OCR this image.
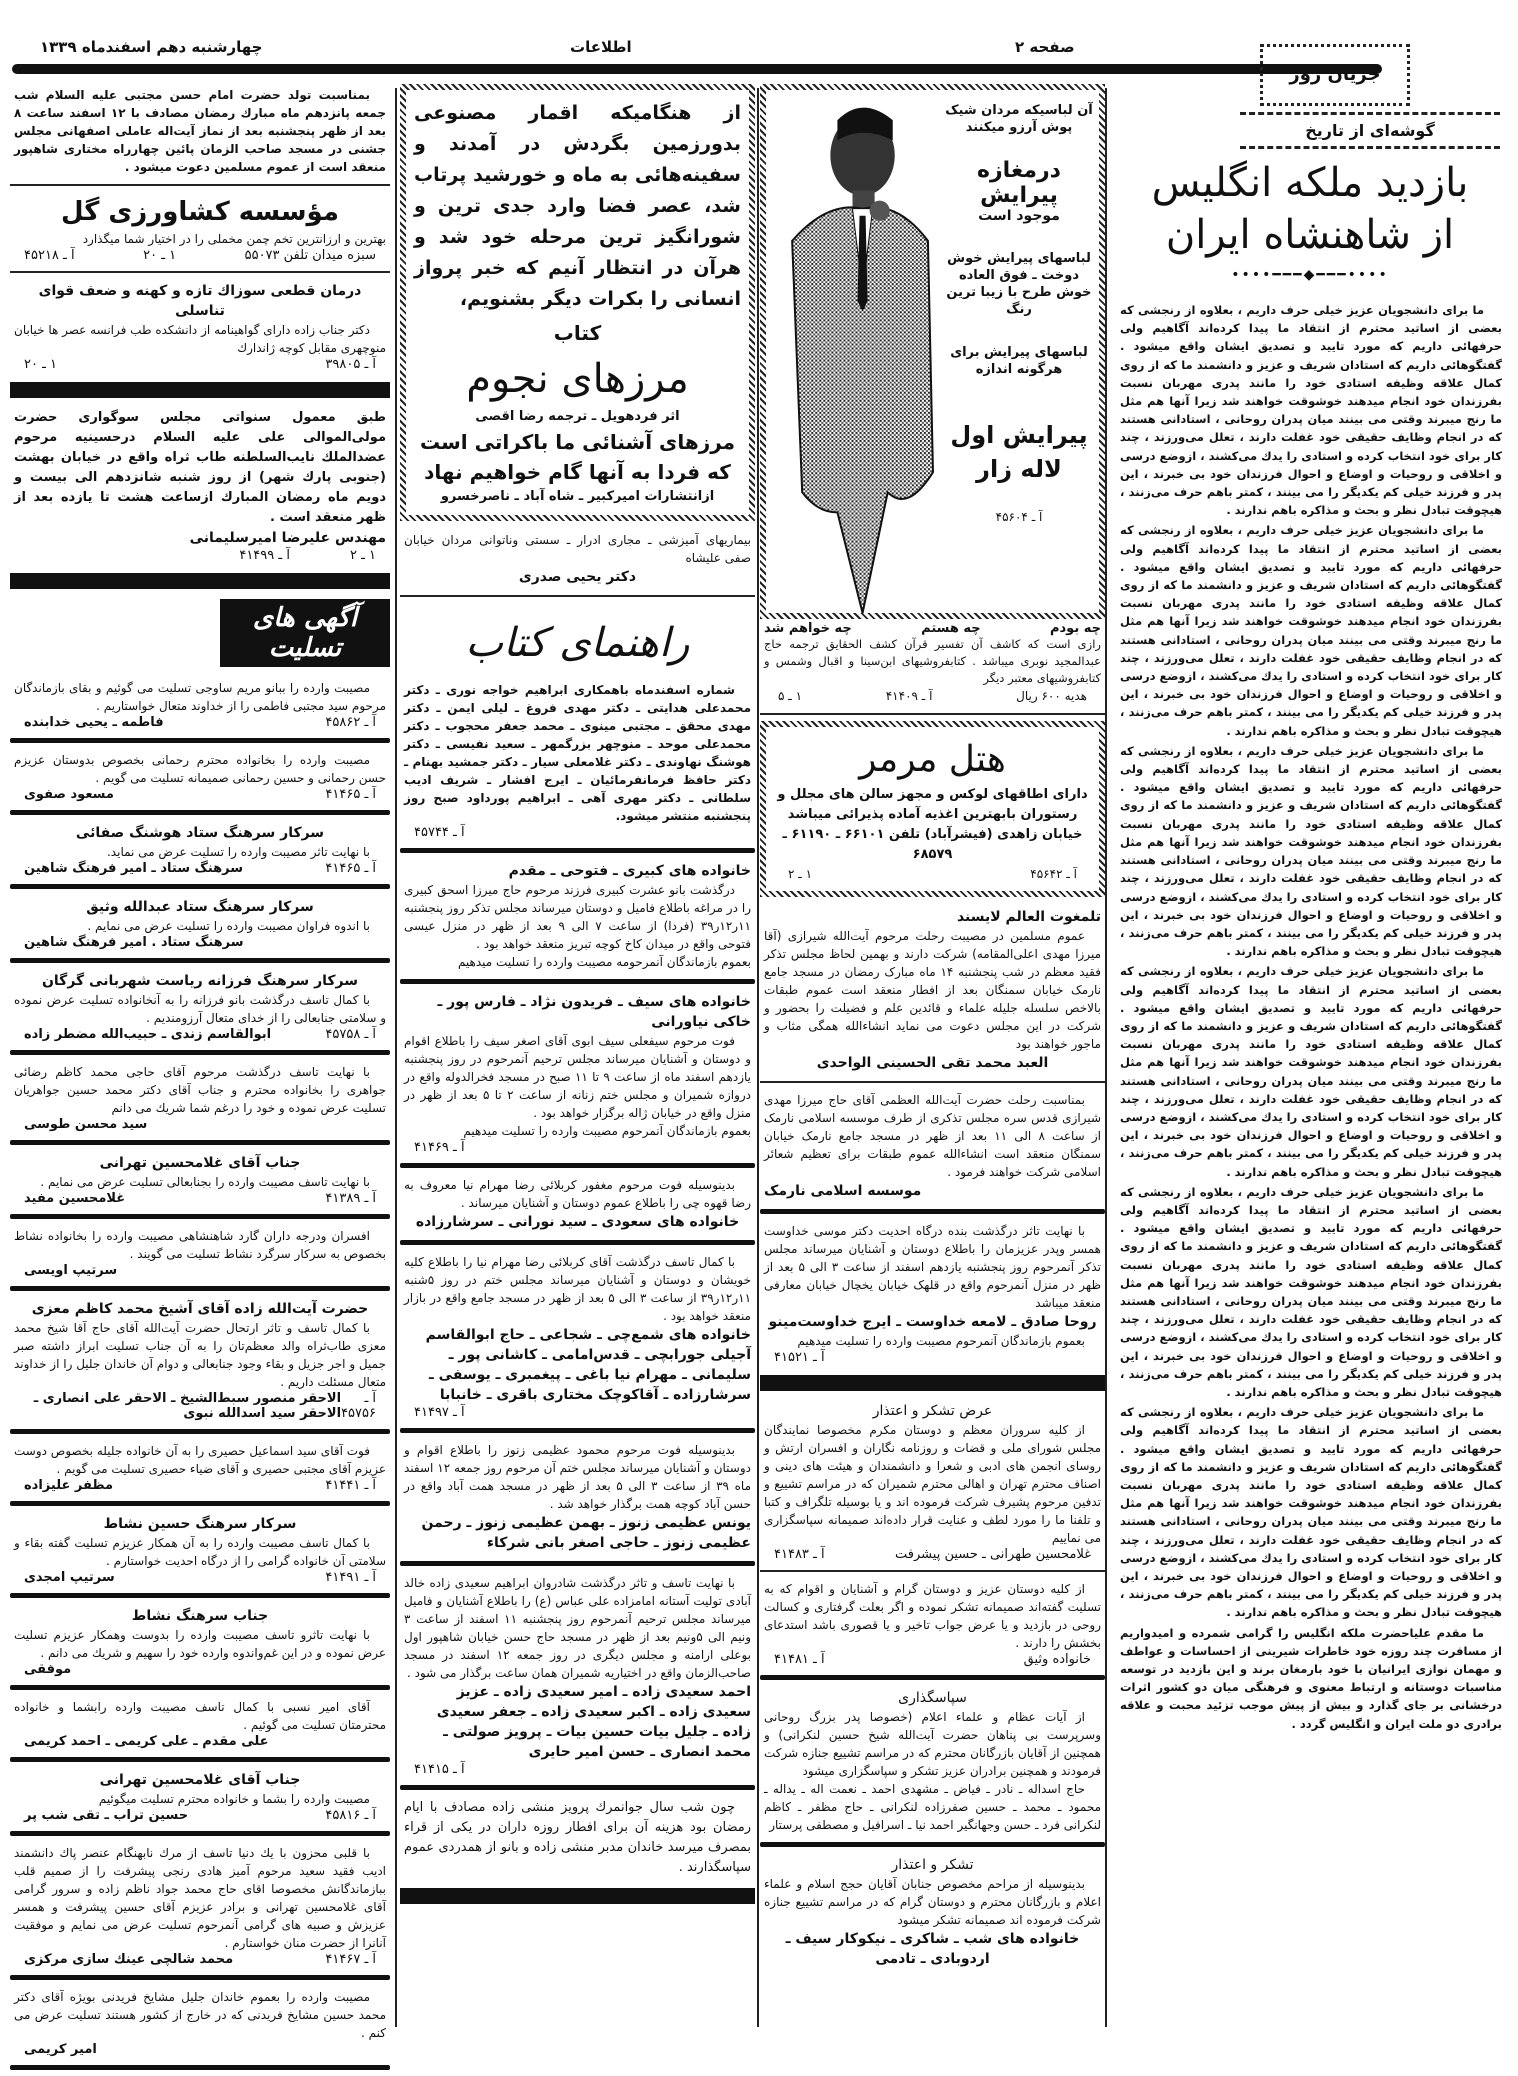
چهارشنبه دهم اسفندماه ۱۳۳۹	اطلاعات	صفحه ۲
جریان روز
گوشه‌ای از تاریخ
بازدید ملکه انگلیس
از شاهنشاه ایران
••••━━━◆━━━••••

ما برای دانشجویان عزیز خیلی حرف داریم ، بعلاوه از رنجشی که بعضی از اساتید محترم از انتقاد ما پیدا کرده‌اند آگاهیم ولی حرفهائی داریم که مورد تایید و تصدیق ایشان واقع میشود . گفتگوهائی داریم که استادان شریف و عزیز و دانشمند ما که از روی کمال علاقه وظیفه استادی خود را مانند پدری مهربان نسبت بفرزندان خود انجام میدهند خوشوقت خواهند شد زیرا آنها هم مثل ما رنج میبرند وقتی می بینند میان پدران روحانی ، استادانی هستند که در انجام وظایف حقیقی خود غفلت دارند ، تعلل می‌ورزند ، چند کار برای خود انتخاب کرده و استادی را یدك می‌کشند ، ازوضع درسی و اخلاقی و روحیات و اوضاع و احوال فرزندان خود بی خبرند ، این پدر و فرزند خیلی کم یکدیگر را می بینند ، کمتر باهم حرف می‌زنند ، هیچوقت تبادل نظر و بحث و مذاکره باهم ندارند .

ما برای دانشجویان عزیز خیلی حرف داریم ، بعلاوه از رنجشی که بعضی از اساتید محترم از انتقاد ما پیدا کرده‌اند آگاهیم ولی حرفهائی داریم که مورد تایید و تصدیق ایشان واقع میشود . گفتگوهائی داریم که استادان شریف و عزیز و دانشمند ما که از روی کمال علاقه وظیفه استادی خود را مانند پدری مهربان نسبت بفرزندان خود انجام میدهند خوشوقت خواهند شد زیرا آنها هم مثل ما رنج میبرند وقتی می بینند میان پدران روحانی ، استادانی هستند که در انجام وظایف حقیقی خود غفلت دارند ، تعلل می‌ورزند ، چند کار برای خود انتخاب کرده و استادی را یدك می‌کشند ، ازوضع درسی و اخلاقی و روحیات و اوضاع و احوال فرزندان خود بی خبرند ، این پدر و فرزند خیلی کم یکدیگر را می بینند ، کمتر باهم حرف می‌زنند ، هیچوقت تبادل نظر و بحث و مذاکره باهم ندارند .

ما برای دانشجویان عزیز خیلی حرف داریم ، بعلاوه از رنجشی که بعضی از اساتید محترم از انتقاد ما پیدا کرده‌اند آگاهیم ولی حرفهائی داریم که مورد تایید و تصدیق ایشان واقع میشود . گفتگوهائی داریم که استادان شریف و عزیز و دانشمند ما که از روی کمال علاقه وظیفه استادی خود را مانند پدری مهربان نسبت بفرزندان خود انجام میدهند خوشوقت خواهند شد زیرا آنها هم مثل ما رنج میبرند وقتی می بینند میان پدران روحانی ، استادانی هستند که در انجام وظایف حقیقی خود غفلت دارند ، تعلل می‌ورزند ، چند کار برای خود انتخاب کرده و استادی را یدك می‌کشند ، ازوضع درسی و اخلاقی و روحیات و اوضاع و احوال فرزندان خود بی خبرند ، این پدر و فرزند خیلی کم یکدیگر را می بینند ، کمتر باهم حرف می‌زنند ، هیچوقت تبادل نظر و بحث و مذاکره باهم ندارند .

ما برای دانشجویان عزیز خیلی حرف داریم ، بعلاوه از رنجشی که بعضی از اساتید محترم از انتقاد ما پیدا کرده‌اند آگاهیم ولی حرفهائی داریم که مورد تایید و تصدیق ایشان واقع میشود . گفتگوهائی داریم که استادان شریف و عزیز و دانشمند ما که از روی کمال علاقه وظیفه استادی خود را مانند پدری مهربان نسبت بفرزندان خود انجام میدهند خوشوقت خواهند شد زیرا آنها هم مثل ما رنج میبرند وقتی می بینند میان پدران روحانی ، استادانی هستند که در انجام وظایف حقیقی خود غفلت دارند ، تعلل می‌ورزند ، چند کار برای خود انتخاب کرده و استادی را یدك می‌کشند ، ازوضع درسی و اخلاقی و روحیات و اوضاع و احوال فرزندان خود بی خبرند ، این پدر و فرزند خیلی کم یکدیگر را می بینند ، کمتر باهم حرف می‌زنند ، هیچوقت تبادل نظر و بحث و مذاکره باهم ندارند .

ما برای دانشجویان عزیز خیلی حرف داریم ، بعلاوه از رنجشی که بعضی از اساتید محترم از انتقاد ما پیدا کرده‌اند آگاهیم ولی حرفهائی داریم که مورد تایید و تصدیق ایشان واقع میشود . گفتگوهائی داریم که استادان شریف و عزیز و دانشمند ما که از روی کمال علاقه وظیفه استادی خود را مانند پدری مهربان نسبت بفرزندان خود انجام میدهند خوشوقت خواهند شد زیرا آنها هم مثل ما رنج میبرند وقتی می بینند میان پدران روحانی ، استادانی هستند که در انجام وظایف حقیقی خود غفلت دارند ، تعلل می‌ورزند ، چند کار برای خود انتخاب کرده و استادی را یدك می‌کشند ، ازوضع درسی و اخلاقی و روحیات و اوضاع و احوال فرزندان خود بی خبرند ، این پدر و فرزند خیلی کم یکدیگر را می بینند ، کمتر باهم حرف می‌زنند ، هیچوقت تبادل نظر و بحث و مذاکره باهم ندارند .

ما برای دانشجویان عزیز خیلی حرف داریم ، بعلاوه از رنجشی که بعضی از اساتید محترم از انتقاد ما پیدا کرده‌اند آگاهیم ولی حرفهائی داریم که مورد تایید و تصدیق ایشان واقع میشود . گفتگوهائی داریم که استادان شریف و عزیز و دانشمند ما که از روی کمال علاقه وظیفه استادی خود را مانند پدری مهربان نسبت بفرزندان خود انجام میدهند خوشوقت خواهند شد زیرا آنها هم مثل ما رنج میبرند وقتی می بینند میان پدران روحانی ، استادانی هستند که در انجام وظایف حقیقی خود غفلت دارند ، تعلل می‌ورزند ، چند کار برای خود انتخاب کرده و استادی را یدك می‌کشند ، ازوضع درسی و اخلاقی و روحیات و اوضاع و احوال فرزندان خود بی خبرند ، این پدر و فرزند خیلی کم یکدیگر را می بینند ، کمتر باهم حرف می‌زنند ، هیچوقت تبادل نظر و بحث و مذاکره باهم ندارند .

ما مقدم علیاحضرت ملکه انگلیس را گرامی شمرده و امیدواریم از مسافرت چند روزه خود خاطرات شیرینی از احساسات و عواطف و مهمان نوازی ایرانیان با خود بارمغان برند و این بازدید در توسعه مناسبات دوستانه و ارتباط معنوی و فرهنگی میان دو کشور اثرات درخشانی بر جای گذارد و بیش از پیش موجب تزئید محبت و علاقه برادری دو ملت ایران و انگلیس گردد .

آن لباسیکه مردان شیک پوش آرزو میکنند
درمغازه پیرایش
موجود است
لباسهای پیرایش خوش دوخت ـ فوق العاده خوش طرح با زیبا ترین رنگ
لباسهای پیرایش برای هرگونه اندازه
پیرایش اول
لاله زار
آ ـ ۴۵۶۰۴
چه بودم
چه هستم
چه خواهم شد
رازی است که کاشف آن تفسیر قرآن کشف الحقایق ترجمه حاج عبدالمجید نوبری میباشد . کتابفروشیهای ابن‌سینا و اقبال وشمس و کتابفروشیهای معتبر دیگر
هدیه ۶۰۰ ریال
آ ـ ۴۱۴۰۹
۱ ـ ۵
هتل مرمر
دارای اطاقهای لوکس و مجهز سالن های مجلل و رستوران بابهترین اغذیه آماده پذیرائی میباشد
خیابان زاهدی (فیشرآباد) تلفن ۶۶۱۰۱ ـ ۶۱۱۹۰ ـ ۶۸۵۷۹
آ ـ ۴۵۶۴۲
۱ ـ ۲
تلمغوت العالم لایسند
عموم مسلمین در مصیبت رحلت مرحوم آیت‌الله شیرازی (آقا میرزا مهدی اعلی‌المقامه) شرکت دارند و بهمین لحاظ مجلس تذکر فقید معظم در شب پنجشنبه ۱۴ ماه مبارک رمضان در مسجد جامع نارمک خیابان سمنگان بعد از افطار منعقد است عموم طبقات بالاخص سلسله جلیله علماء و قائدین علم و فضیلت را بحضور و شرکت در این مجلس دعوت می نماید انشاءالله همگی مثاب و ماجور خواهند بود
العبد محمد تقی الحسینی الواحدی
بمناسبت رحلت حضرت آیت‌الله العظمی آقای حاج میرزا مهدی شیرازی قدس سره مجلس تذکری از طرف موسسه اسلامی نارمک از ساعت ۸ الی ۱۱ بعد از ظهر در مسجد جامع نارمک خیابان سمنگان منعقد است انشاءالله عموم طبقات برای تعظیم شعائر اسلامی شرکت خواهند فرمود .
موسسه اسلامی نارمک
با نهایت تاثر درگذشت بنده درگاه احدیت دکتر موسی خداوست همسر وپدر عزیزمان را باطلاع دوستان و آشنایان میرساند مجلس تذکر آنمرحوم روز پنجشنبه یازدهم اسفند از ساعت ۳ الی ۵ بعد از ظهر در منزل آنمرحوم واقع در قلهک خیابان یخچال خیابان معارفی منعقد میباشد
روحا صادق ـ لامعه خداوست ـ ایرج خداوست‌مینو
بعموم بازماندگان آنمرحوم مصیبت وارده را تسلیت میدهیم
آ ـ ۴۱۵۲۱
عرض تشکر و اعتذار
از کلیه سروران معظم و دوستان مکرم مخصوصا نمایندگان مجلس شورای ملی و قضات و روزنامه نگاران و افسران ارتش و روسای انجمن های ادبی و شعرا و دانشمندان و هیئت های دینی و اصناف محترم تهران و اهالی محترم شمیران که در مراسم تشییع و تدفین مرحوم پشیرف شرکت فرموده اند و یا بوسیله تلگراف و کتبا و تلفنا ما را مورد لطف و عنایت قرار داده‌اند صمیمانه سپاسگزاری می نماییم
غلامحسین طهرانی ـ حسین پیشرفت
آ ـ ۴۱۴۸۳
از کلیه دوستان عزیز و دوستان گرام و آشنایان و اقوام که به تسلیت گفته‌اند صمیمانه تشکر نموده و اگر بعلت گرفتاری و کسالت روحی در بازدید و یا عرض جواب تاخیر و یا قصوری باشد استدعای بخشش را دارند .
خانواده وثیق
آ ـ ۴۱۴۸۱
سپاسگذاری
از آیات عظام و علماء اعلام (خصوصا پدر بزرگ روحانی وسرپرست بی پناهان حضرت آیت‌الله شیخ حسین لنکرانی) و همچنین از آقایان بازرگانان محترم که در مراسم تشییع جنازه شرکت فرمودند و همچنین برادران عزیز تشکر و سپاسگزاری میشود
حاج اسداله ـ نادر ـ فیاض ـ مشهدی احمد ـ نعمت اله ـ یداله ـ محمود ـ محمد ـ حسین صفرزاده لنکرانی ـ حاج مظفر ـ کاظم لنکرانی فرد ـ حسن وجهانگیر احمد نیا ـ اسرافیل و مصطفی پرستار
تشکر و اعتذار
بدینوسیله از مراحم مخصوص جنابان آقایان حجج اسلام و علماء اعلام و بازرگانان محترم و دوستان گرام که در مراسم تشییع جنازه شرکت فرموده اند صمیمانه تشکر میشود
خانواده های شب ـ شاکری ـ نیکوکار سیف ـ اردوبادی ـ تادمی
از هنگامیکه اقمار مصنوعی بدورزمین بگردش در آمدند و سفینه‌هائی به ماه و خورشید پرتاب شد، عصر فضا وارد جدی ترین و شورانگیز ترین مرحله خود شد و هرآن در انتظار آنیم که خبر پرواز انسانی را بکرات دیگر بشنویم،
کتاب
مرزهای نجوم
اثر فردهویل ـ ترجمه رضا اقصی
مرزهای آشنائی ما باکراتی است که فردا به آنها گام خواهیم نهاد
ازانتشارات امیرکبیر ـ شاه آباد ـ ناصرخسرو
بیماریهای آمیزشی ـ مجاری ادرار ـ سستی وناتوانی مردان خیابان صفی علیشاه
دکتر یحیی صدری
راهنمای کتاب
شماره اسفندماه باهمکاری ابراهیم خواجه نوری ـ دکتر محمدعلی هدایتی ـ دکتر مهدی فروغ ـ لیلی ایمن ـ دکتر مهدی محقق ـ مجتبی مینوی ـ محمد جعفر محجوب ـ دکتر محمدعلی موحد ـ منوچهر بزرگمهر ـ سعید نفیسی ـ دکتر هوشنگ نهاوندی ـ دکتر غلامعلی سیار ـ دکتر جمشید بهنام ـ دکتر حافظ فرمانفرمائیان ـ ایرج افشار ـ شریف ادیب سلطانی ـ دکتر مهری آهی ـ ابراهیم پورداود صبح روز پنجشنبه منتشر میشود.
آ ـ ۴۵۷۴۴
خانواده های کبیری ـ فتوحی ـ مقدم
درگذشت بانو عشرت کبیری فرزند مرحوم حاج میرزا اسحق کبیری را در مراغه باطلاع فامیل و دوستان میرساند مجلس تذکر روز پنجشنبه ۱۱ر۱۲ر۳۹ (فردا) از ساعت ۷ الی ۹ بعد از ظهر در منزل عیسی فتوحی واقع در میدان کاخ کوچه تبریز منعقد خواهد بود .
بعموم بازماندگان آنمرحومه مصیبت وارده را تسلیت میدهیم
خانواده های سیف ـ فریدون نژاد ـ فارس پور ـ خاکی نیاورانی
فوت مرحوم سیفعلی سیف ابوی آقای اصغر سیف را باطلاع اقوام و دوستان و آشنایان میرساند مجلس ترحیم آنمرحوم در روز پنجشنبه یازدهم اسفند ماه از ساعت ۹ تا ۱۱ صبح در مسجد فخرالدوله واقع در دروازه شمیران و مجلس ختم زنانه از ساعت ۲ تا ۵ بعد از ظهر در منزل واقع در خیابان ژاله برگزار خواهد بود .
بعموم بازماندگان آنمرحوم مصیبت وارده را تسلیت میدهیم
آ ـ ۴۱۴۶۹
بدینوسیله فوت مرحوم مغفور کربلائی رضا مهرام نیا معروف به رضا قهوه چی را باطلاع عموم دوستان و آشنایان میرساند .
خانواده های سعودی ـ سید نورانی ـ سرشارزاده
با کمال تاسف درگذشت آقای کربلائی رضا مهرام نیا را باطلاع کلیه خویشان و دوستان و آشنایان میرساند مجلس ختم در روز ۵شنبه ۱۱ر۱۲ر۳۹ از ساعت ۳ الی ۵ بعد از ظهر در مسجد جامع واقع در بازار منعقد خواهد بود .
خانواده های شمع‌چی ـ شجاعی ـ حاج ابوالقاسم آجیلی جورابچی ـ قدس‌امامی ـ کاشانی پور ـ سلیمانی ـ مهرام نیا باغی ـ پیغمبری ـ یوسفی ـ سرشارزاده ـ آقاکوچک مختاری باقری ـ خانبابا
آ ـ ۴۱۴۹۷
بدینوسیله فوت مرحوم محمود عظیمی زنوز را باطلاع اقوام و دوستان و آشنایان میرساند مجلس ختم آن مرحوم روز جمعه ۱۲ اسفند ماه ۳۹ از ساعت ۳ الی ۵ بعد از ظهر در مسجد همت آباد واقع در حسن آباد کوچه همت برگذار خواهد شد .
یونس عظیمی زنوز ـ بهمن عظیمی زنوز ـ رحمن عظیمی زنوز ـ حاجی اصغر بانی شرکاء
با نهایت تاسف و تاثر درگذشت شادروان ابراهیم سعیدی زاده خالد آبادی تولیت آستانه امامزاده علی عباس (ع) را باطلاع آشنایان و فامیل میرساند مجلس ترحیم آنمرحوم روز پنجشنبه ۱۱ اسفند از ساعت ۳ ونیم الی ۵ونیم بعد از ظهر در مسجد حاج حسن خیابان شاهپور اول بوعلی ارامنه و مجلس دیگری در روز جمعه ۱۲ اسفند در مسجد صاحب‌الزمان واقع در اختیاریه شمیران همان ساعت برگذار می شود .
احمد سعیدی زاده ـ امیر سعیدی زاده ـ عزیز سعیدی زاده ـ اکبر سعیدی زاده ـ جعفر سعیدی زاده ـ جلیل بیات حسین بیات ـ پرویز صولتی ـ محمد انصاری ـ حسن امیر حایری
آ ـ ۴۱۴۱۵
چون شب سال جوانمرك پرویز منشی زاده مصادف با ایام رمضان بود هزینه آن برای افطار روزه داران در یکی از قراء بمصرف میرسد خاندان مدبر منشی زاده و بانو از همدردی عموم سپاسگذارند .
بمناسبت تولد حضرت امام حسن مجتبی علیه السلام شب جمعه پانزدهم ماه مبارك رمضان مصادف با ۱۲ اسفند ساعت ۸ بعد از ظهر پنجشنبه بعد از نماز آیت‌اله عاملی اصفهانی مجلس جشنی در مسجد صاحب الزمان پائین چهارراه مختاری شاهپور منعقد است از عموم مسلمین دعوت میشود .
مؤسسه کشاورزی گل
بهترین و ارزانترین تخم چمن مخملی را در اختیار شما میگذارد
سبزه میدان تلفن ۵۵۰۷۳
۱ ـ ۲۰
آ ـ ۴۵۲۱۸
درمان قطعی سوزاك تازه و کهنه و ضعف قوای تناسلی
دکتر جناب زاده دارای گواهینامه از دانشکده طب فرانسه عصر ها خیابان منوچهری مقابل کوچه ژاندارك
آ ـ ۳۹۸۰۵
۱ ـ ۲۰
طبق معمول سنواتی مجلس سوگواری حضرت مولی‌الموالی علی علیه السلام درحسینیه مرحوم عضدالملك نایب‌السلطنه طاب ثراه واقع در خیابان بهشت (جنوبی پارك شهر) از روز شنبه شانزدهم الی بیست و دویم ماه رمضان المبارك ازساعت هشت تا یازده بعد از ظهر منعقد است .
مهندس علیرضا امیرسلیمانی
۱ ـ ۲
آ ـ ۴۱۴۹۹
آگهی های تسلیت
مصیبت وارده را ببانو مریم ساوجی تسلیت می گوئیم و بقای بازماندگان مرحوم سید مجتبی فاطمی را از خداوند متعال خواستاریم .
آ ـ ۴۵۸۶۲
فاطمه ـ یحیی خدابنده
مصیبت وارده را بخانواده محترم رحمانی بخصوص بدوستان عزیزم حسن رحمانی و حسین رحمانی صمیمانه تسلیت می گویم .
آ ـ ۴۱۴۶۵
مسعود صفوی
سرکار سرهنگ ستاد هوشنگ صفائی
با نهایت تاثر مصیبت وارده را تسلیت عرض می نماید.
آ ـ ۴۱۴۶۵
سرهنگ ستاد ـ امیر فرهنگ شاهین
سرکار سرهنگ ستاد عبدالله وثیق
با اندوه فراوان مصیبت وارده را تسلیت عرض می نمایم .
سرهنگ ستاد . امیر فرهنگ شاهین
سرکار سرهنگ فرزانه ریاست شهربانی گرگان
با کمال تاسف درگذشت بانو فرزانه را به آنخانواده تسلیت عرض نموده و سلامتی جنابعالی را از خدای متعال آرزومندیم .
آ ـ ۴۵۷۵۸
ابوالقاسم زندی ـ حبیب‌الله مضطر زاده
با نهایت تاسف درگذشت مرحوم آقای حاجی محمد کاظم رضائی جواهری را بخانواده محترم و جناب آقای دکتر محمد حسین جواهریان تسلیت عرض نموده و خود را درغم شما شریك می دانم
سید محسن طوسی
جناب آقای غلامحسین تهرانی
با نهایت تاسف مصیبت وارده را بجنابعالی تسلیت عرض می نمایم .
آ ـ ۴۱۳۸۹
غلامحسین مفید
افسران ودرجه داران گارد شاهنشاهی مصیبت وارده را بخانواده نشاط بخصوص به سرکار سرگرد نشاط تسلیت می گویند .
سرتیپ اویسی
حضرت آیت‌الله زاده آقای آشیخ محمد کاظم معزی
با کمال تاسف و تاثر ارتحال حضرت آیت‌الله آقای حاج آقا شیخ محمد معزی طاب‌ثراه والد معظم‌تان را به آن جناب تسلیت ابراز داشته صبر جمیل و اجر جزیل و بقاء وجود جنابعالی و دوام آن خاندان جلیل را از خداوند متعال مسئلت داریم .
آ ـ ۴۵۷۵۶
الاحقر منصور سبط‌الشیخ ـ الاحقر علی انصاری ـ الاحقر سید اسدالله نبوی
فوت آقای سید اسماعیل حصیری را به آن خانواده جلیله بخصوص دوست عزیزم آقای مجتبی حصیری و آقای ضیاء حصیری تسلیت می گویم .
آ ـ ۴۱۴۴۱
مظفر علیزاده
سرکار سرهنگ حسین نشاط
با کمال تاسف مصیبت وارده را به آن همکار عزیزم تسلیت گفته بقاء و سلامتی آن خانواده گرامی را از درگاه احدیت خواستارم .
آ ـ ۴۱۴۹۱
سرتیپ امجدی
جناب سرهنگ نشاط
با نهایت تاثرو تاسف مصیبت وارده را بدوست وهمکار عزیزم تسلیت عرض نموده و در این غم‌واندوه وارده خود را سهیم و شریك می دانم .
موفقی
آقای امیر نسبی با کمال تاسف مصیبت وارده رابشما و خانواده محترمتان تسلیت می گوئیم .
علی مقدم ـ علی کریمی ـ احمد کریمی
جناب آقای غلامحسین تهرانی
مصیبت وارده را بشما و خانواده محترم تسلیت میگوئیم
آ ـ ۴۵۸۱۶
حسین تراب ـ تقی شب پر
با قلبی محزون با یك دنیا تاسف از مرك نابهنگام عنصر پاك دانشمند ادیب فقید سعید مرحوم آمیز هادی رنجی پیشرفت را از صمیم قلب ببازماندگانش مخصوصا اقای حاج محمد جواد ناظم زاده و سرور گرامی آقای غلامحسین تهرانی و برادر عزیزم آقای حسین پیشرفت و همسر عزیزش و صبیه های گرامی آنمرحوم تسلیت عرض می نمایم و موفقیت آنانرا از حضرت منان خواستارم .
آ ـ ۴۱۴۶۷
محمد شالچی عینك سازی مرکزی
مصیبت وارده را بعموم خاندان جلیل مشایخ فریدنی بویژه آقای دکتر محمد حسین مشایخ فریدنی که در خارج از کشور هستند تسلیت عرض می کنم .
امیر کریمی
